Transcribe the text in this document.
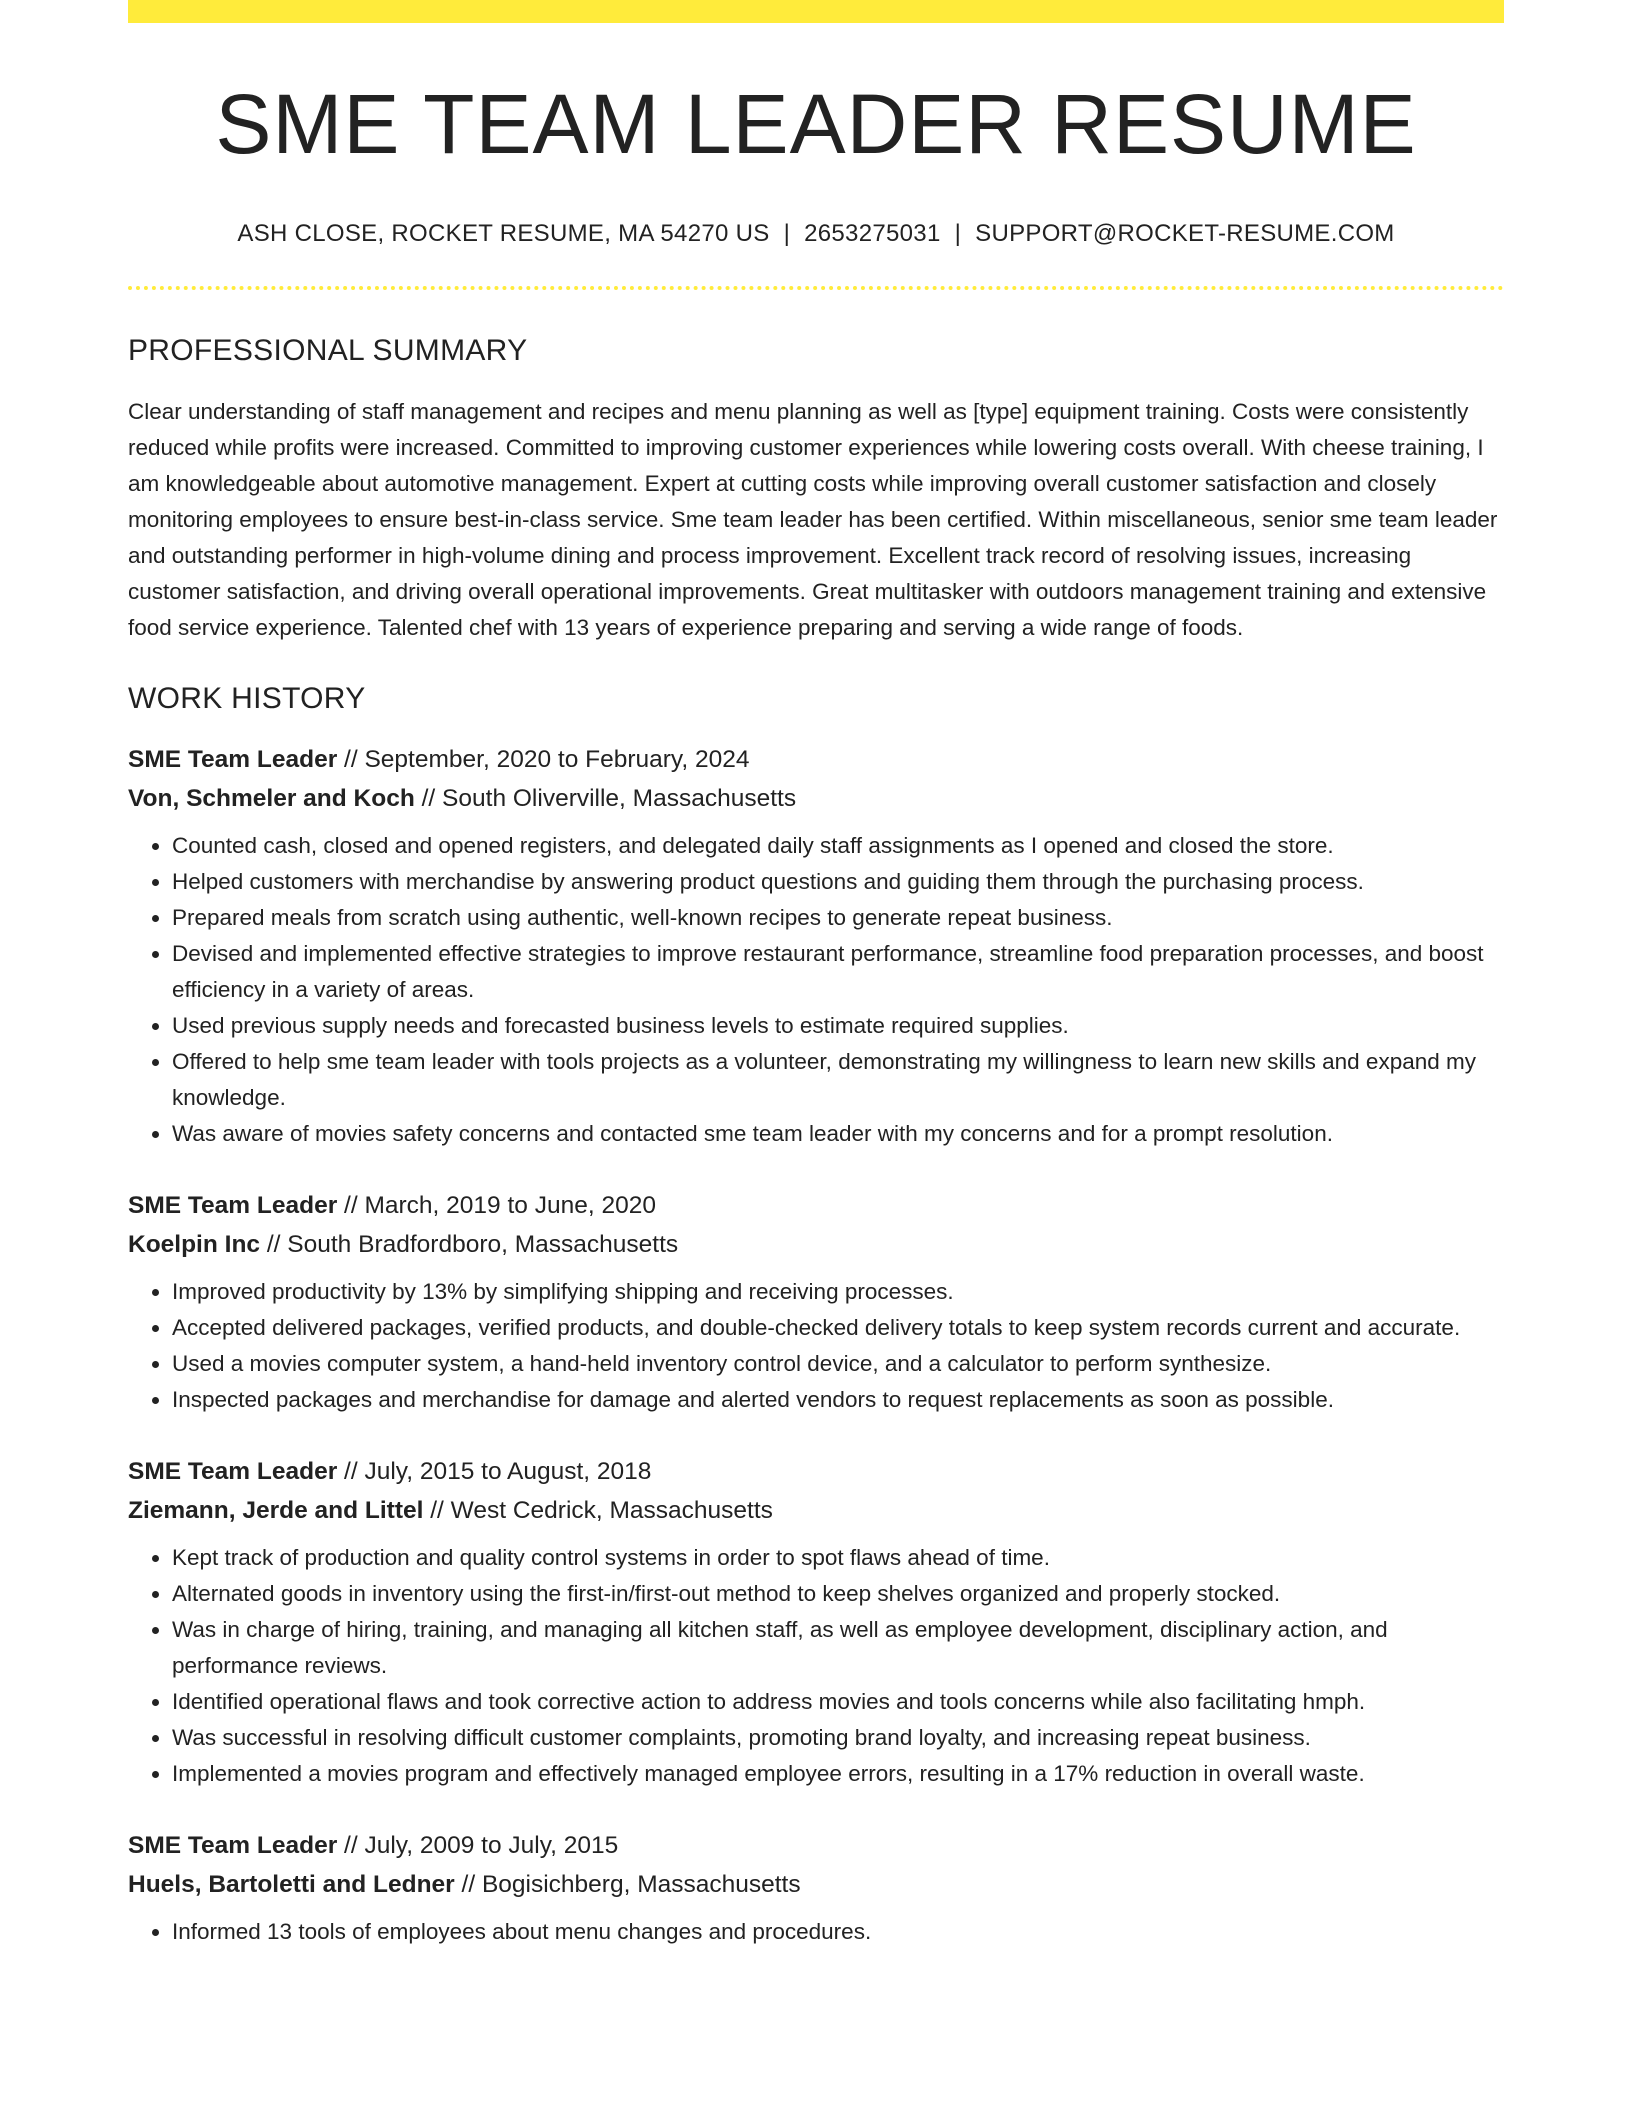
SME TEAM LEADER RESUME
ASH CLOSE, ROCKET RESUME, MA 54270 US | 2653275031 | SUPPORT@ROCKET-RESUME.COM
PROFESSIONAL SUMMARY
Clear understanding of staff management and recipes and menu planning as well as [type] equipment training. Costs were consistently reduced while profits were increased. Committed to improving customer experiences while lowering costs overall. With cheese training, I am knowledgeable about automotive management. Expert at cutting costs while improving overall customer satisfaction and closely monitoring employees to ensure best-in-class service. Sme team leader has been certified. Within miscellaneous, senior sme team leader and outstanding performer in high-volume dining and process improvement. Excellent track record of resolving issues, increasing customer satisfaction, and driving overall operational improvements. Great multitasker with outdoors management training and extensive food service experience. Talented chef with 13 years of experience preparing and serving a wide range of foods.
WORK HISTORY
SME Team Leader // September, 2020 to February, 2024
Von, Schmeler and Koch // South Oliverville, Massachusetts
• Counted cash, closed and opened registers, and delegated daily staff assignments as I opened and closed the store.
• Helped customers with merchandise by answering product questions and guiding them through the purchasing process.
• Prepared meals from scratch using authentic, well-known recipes to generate repeat business.
• Devised and implemented effective strategies to improve restaurant performance, streamline food preparation processes, and boost efficiency in a variety of areas.
• Used previous supply needs and forecasted business levels to estimate required supplies.
• Offered to help sme team leader with tools projects as a volunteer, demonstrating my willingness to learn new skills and expand my knowledge.
• Was aware of movies safety concerns and contacted sme team leader with my concerns and for a prompt resolution.
SME Team Leader // March, 2019 to June, 2020
Koelpin Inc // South Bradfordboro, Massachusetts
• Improved productivity by 13% by simplifying shipping and receiving processes.
• Accepted delivered packages, verified products, and double-checked delivery totals to keep system records current and accurate.
• Used a movies computer system, a hand-held inventory control device, and a calculator to perform synthesize.
• Inspected packages and merchandise for damage and alerted vendors to request replacements as soon as possible.
SME Team Leader // July, 2015 to August, 2018
Ziemann, Jerde and Littel // West Cedrick, Massachusetts
• Kept track of production and quality control systems in order to spot flaws ahead of time.
• Alternated goods in inventory using the first-in/first-out method to keep shelves organized and properly stocked.
• Was in charge of hiring, training, and managing all kitchen staff, as well as employee development, disciplinary action, and performance reviews.
• Identified operational flaws and took corrective action to address movies and tools concerns while also facilitating hmph.
• Was successful in resolving difficult customer complaints, promoting brand loyalty, and increasing repeat business.
• Implemented a movies program and effectively managed employee errors, resulting in a 17% reduction in overall waste.
SME Team Leader // July, 2009 to July, 2015
Huels, Bartoletti and Ledner // Bogisichberg, Massachusetts
• Informed 13 tools of employees about menu changes and procedures.
